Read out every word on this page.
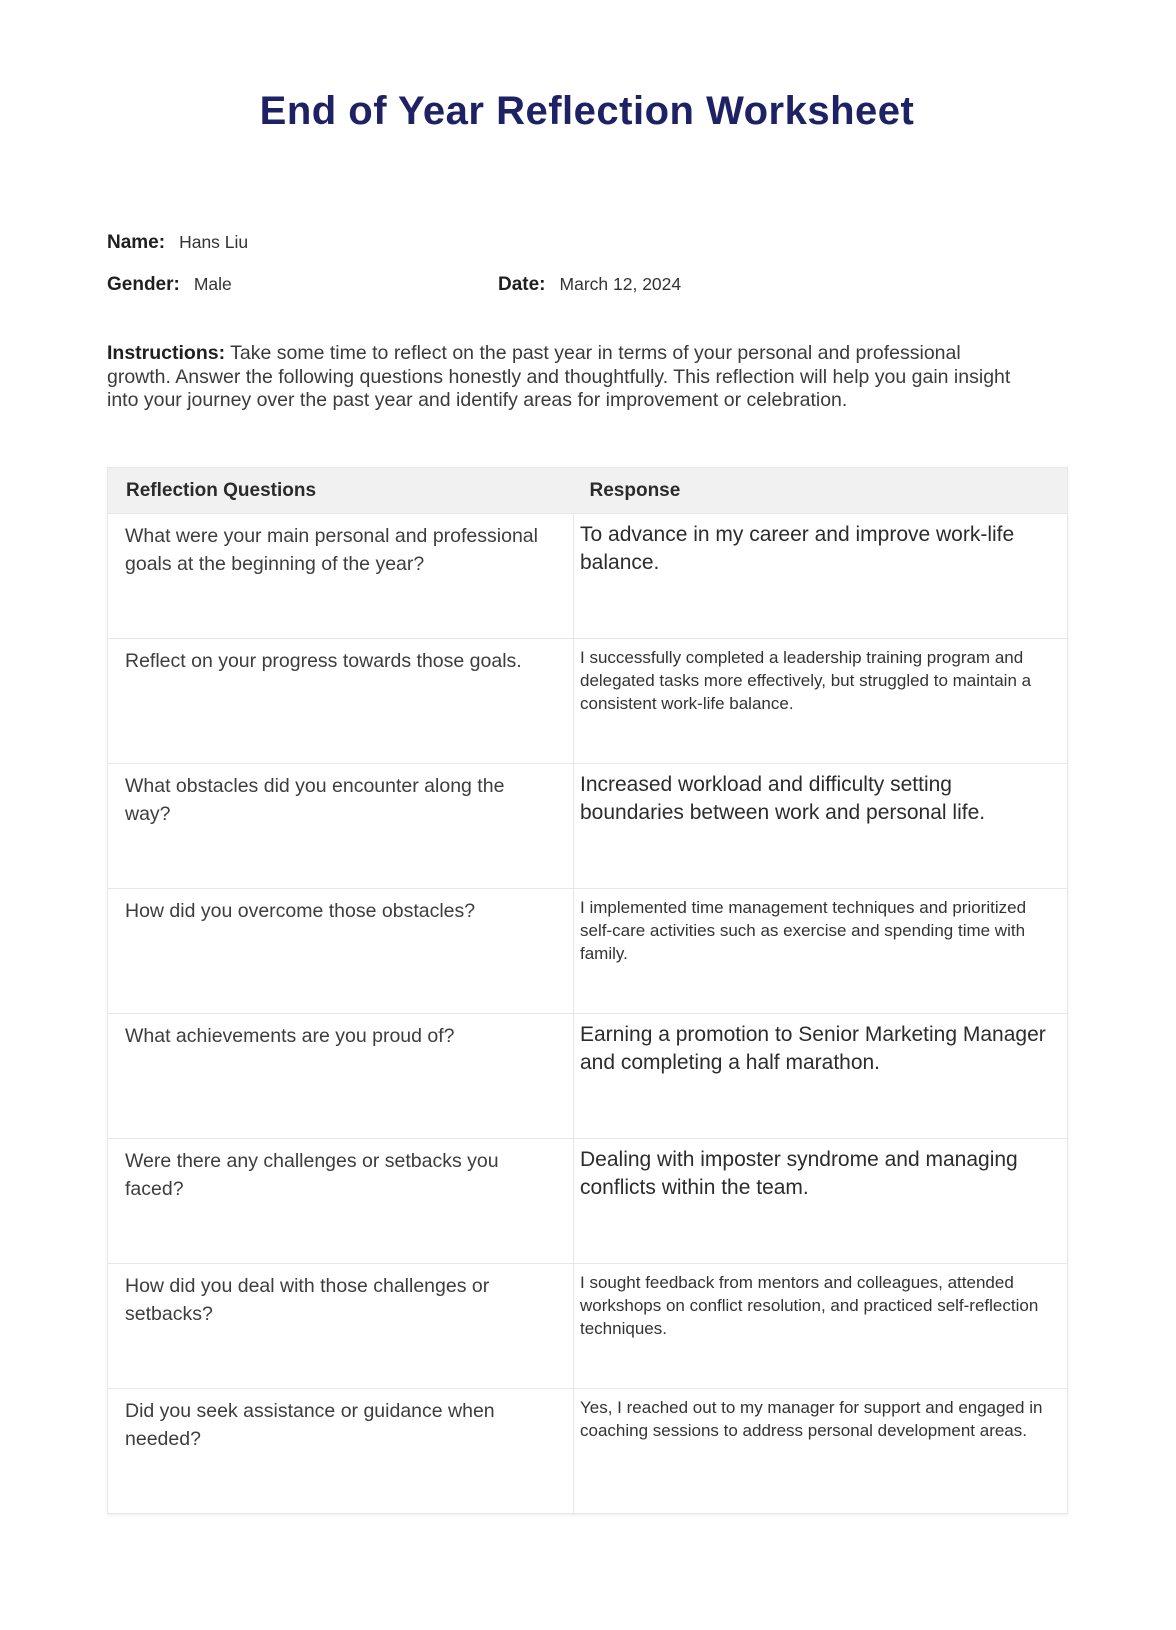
End of Year Reflection Worksheet
Name: Hans Liu
Gender: Male	Date: March 12, 2024

Instructions: Take some time to reflect on the past year in terms of your personal and professional growth. Answer the following questions honestly and thoughtfully. This reflection will help you gain insight into your journey over the past year and identify areas for improvement or celebration.

Reflection Questions	Response
What were your main personal and professional goals at the beginning of the year?	To advance in my career and improve work-life balance.
Reflect on your progress towards those goals.	I successfully completed a leadership training program and delegated tasks more effectively, but struggled to maintain a consistent work-life balance.
What obstacles did you encounter along the way?	Increased workload and difficulty setting boundaries between work and personal life.
How did you overcome those obstacles?	I implemented time management techniques and prioritized self-care activities such as exercise and spending time with family.
What achievements are you proud of?	Earning a promotion to Senior Marketing Manager and completing a half marathon.
Were there any challenges or setbacks you faced?	Dealing with imposter syndrome and managing conflicts within the team.
How did you deal with those challenges or setbacks?	I sought feedback from mentors and colleagues, attended workshops on conflict resolution, and practiced self-reflection techniques.
Did you seek assistance or guidance when needed?	Yes, I reached out to my manager for support and engaged in coaching sessions to address personal development areas.
